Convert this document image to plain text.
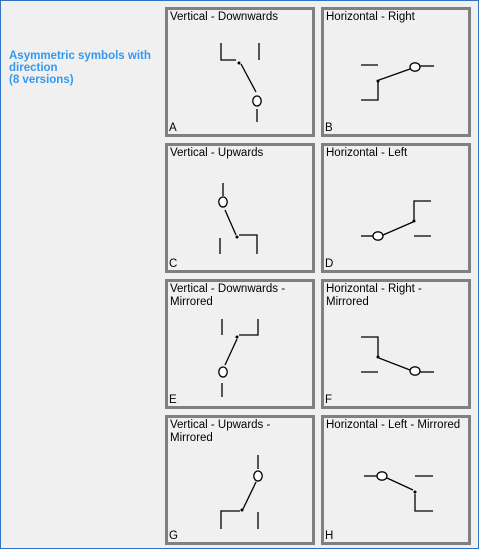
Asymmetric symbols with
direction
(8 versions)
Vertical - Downwards
A
Horizontal - Right
B
Vertical - Upwards
C
Horizontal - Left
D
Vertical - Downwards - Mirrored
E
Horizontal - Right - Mirrored
F
Vertical - Upwards - Mirrored
G
Horizontal - Left - Mirrored
H
